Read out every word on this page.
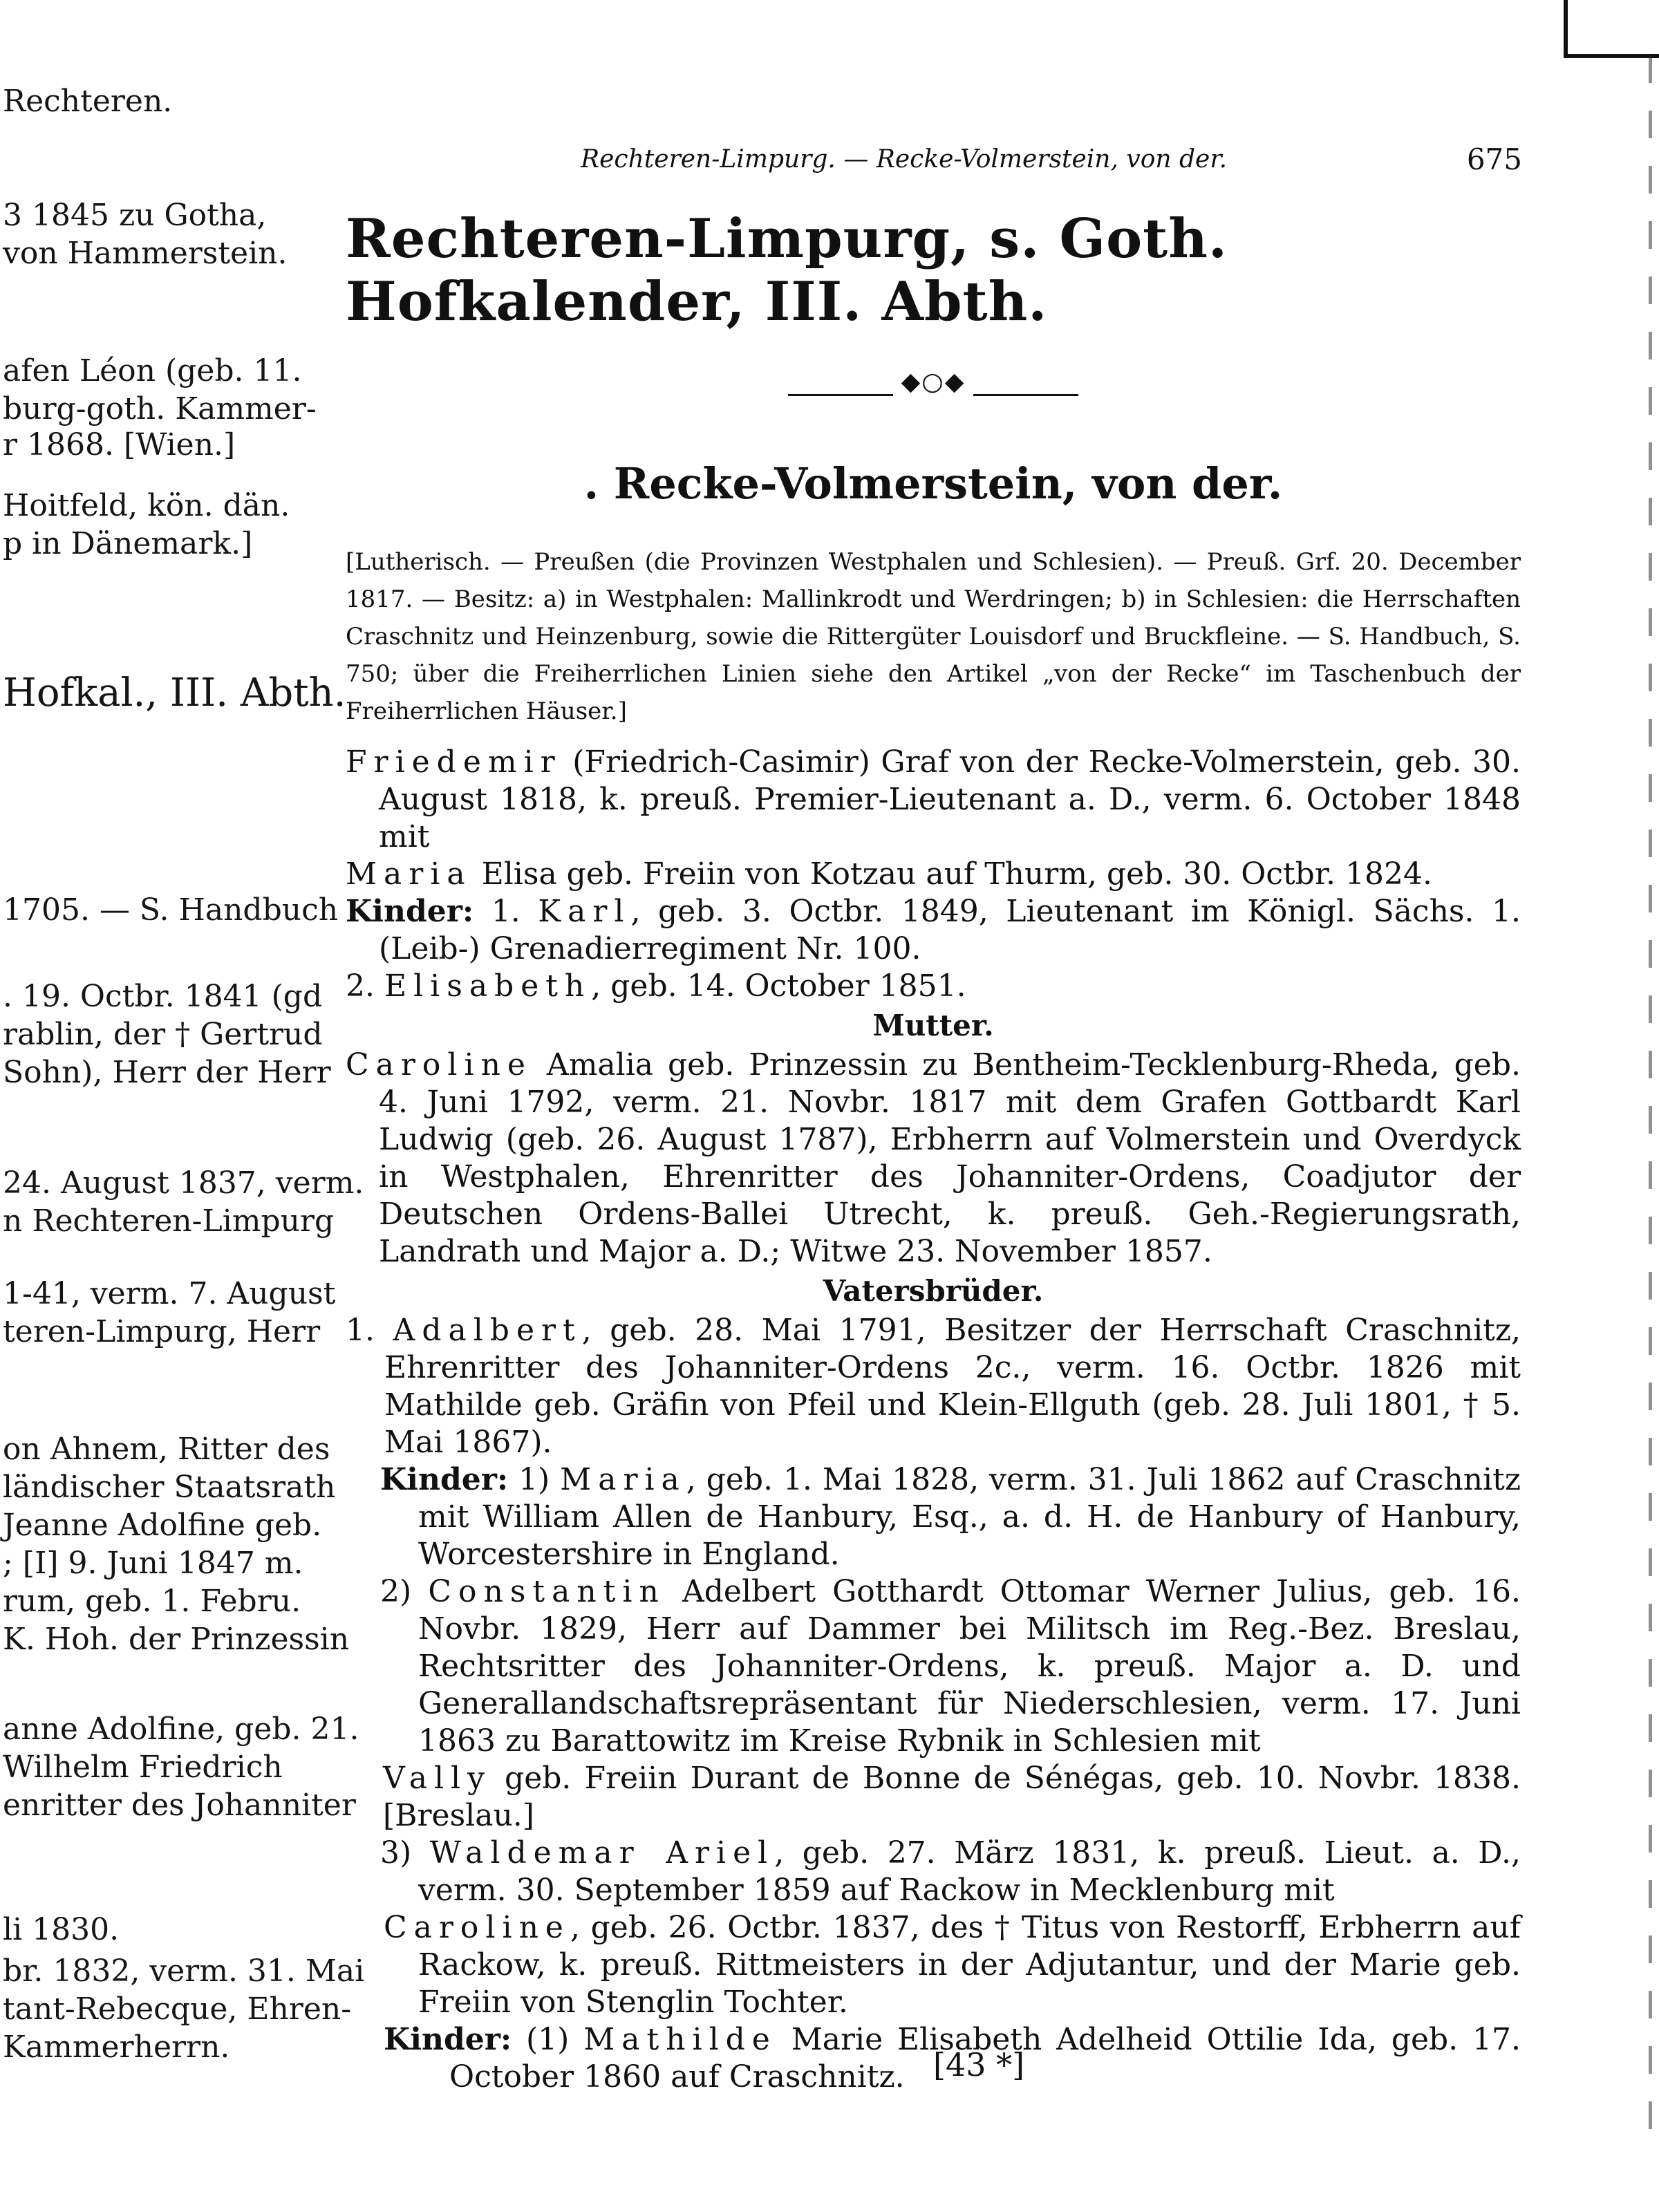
Rechteren.
3 1845 zu Gotha,
von Hammerstein.
afen Léon (geb. 11.
burg-goth. Kammer-
r 1868. [Wien.]
Hoitfeld, kön. dän.
p in Dänemark.]
Hofkal., III. Abth.
1705. — S. Handbuch
. 19. Octbr. 1841 (gd
rablin, der † Gertrud
Sohn), Herr der Herr
24. August 1837, verm.
n Rechteren-Limpurg
1-41, verm. 7. August
teren-Limpurg, Herr
on Ahnem, Ritter des
ländischer Staatsrath
Jeanne Adolfine geb.
; [I] 9. Juni 1847 m.
rum, geb. 1. Febru.
K. Hoh. der Prinzessin
anne Adolfine, geb. 21.
Wilhelm Friedrich
enritter des Johanniter
li 1830.
br. 1832, verm. 31. Mai
tant-Rebecque, Ehren-
Kammerherrn.
Rechteren-Limpurg. — Recke-Volmerstein, von der.	675
Rechteren-Limpurg, s. Goth. Hofkalender, III. Abth.
◆○◆
. Recke-Volmerstein, von der.
[Lutherisch. — Preußen (die Provinzen Westphalen und Schlesien). — Preuß. Grf. 20. December 1817. — Besitz: a) in Westphalen: Mallinkrodt und Werdringen; b) in Schlesien: die Herrschaften Craschnitz und Heinzenburg, sowie die Rittergüter Louisdorf und Bruckfleine. — S. Handbuch, S. 750; über die Freiherrlichen Linien siehe den Artikel „von der Recke“ im Taschenbuch der Freiherrlichen Häuser.]
Friedemir (Friedrich-Casimir) Graf von der Recke-Volmerstein, geb. 30. August 1818, k. preuß. Premier-Lieutenant a. D., verm. 6. October 1848 mit
Maria Elisa geb. Freiin von Kotzau auf Thurm, geb. 30. Octbr. 1824.
Kinder: 1. Karl, geb. 3. Octbr. 1849, Lieutenant im Königl. Sächs. 1. (Leib-) Grenadierregiment Nr. 100.
2. Elisabeth, geb. 14. October 1851.
Mutter.
Caroline Amalia geb. Prinzessin zu Bentheim-Tecklenburg-Rheda, geb. 4. Juni 1792, verm. 21. Novbr. 1817 mit dem Grafen Gottbardt Karl Ludwig (geb. 26. August 1787), Erbherrn auf Volmerstein und Overdyck in Westphalen, Ehrenritter des Johanniter-Ordens, Coadjutor der Deutschen Ordens-Ballei Utrecht, k. preuß. Geh.-Regierungsrath, Landrath und Major a. D.; Witwe 23. November 1857.
Vatersbrüder.
1. Adalbert, geb. 28. Mai 1791, Besitzer der Herrschaft Craschnitz, Ehrenritter des Johanniter-Ordens 2c., verm. 16. Octbr. 1826 mit Mathilde geb. Gräfin von Pfeil und Klein-Ellguth (geb. 28. Juli 1801, † 5. Mai 1867).
Kinder: 1) Maria, geb. 1. Mai 1828, verm. 31. Juli 1862 auf Craschnitz mit William Allen de Hanbury, Esq., a. d. H. de Hanbury of Hanbury, Worcestershire in England.
2) Constantin Adelbert Gotthardt Ottomar Werner Julius, geb. 16. Novbr. 1829, Herr auf Dammer bei Militsch im Reg.-Bez. Breslau, Rechtsritter des Johanniter-Ordens, k. preuß. Major a. D. und Generallandschaftsrepräsentant für Niederschlesien, verm. 17. Juni 1863 zu Barattowitz im Kreise Rybnik in Schlesien mit
Vally geb. Freiin Durant de Bonne de Sénégas, geb. 10. Novbr. 1838. [Breslau.]
3) Waldemar Ariel, geb. 27. März 1831, k. preuß. Lieut. a. D., verm. 30. September 1859 auf Rackow in Mecklenburg mit
Caroline, geb. 26. Octbr. 1837, des † Titus von Restorff, Erbherrn auf Rackow, k. preuß. Rittmeisters in der Adjutantur, und der Marie geb. Freiin von Stenglin Tochter.
Kinder: (1) Mathilde Marie Elisabeth Adelheid Ottilie Ida, geb. 17. October 1860 auf Craschnitz. [43 *]
